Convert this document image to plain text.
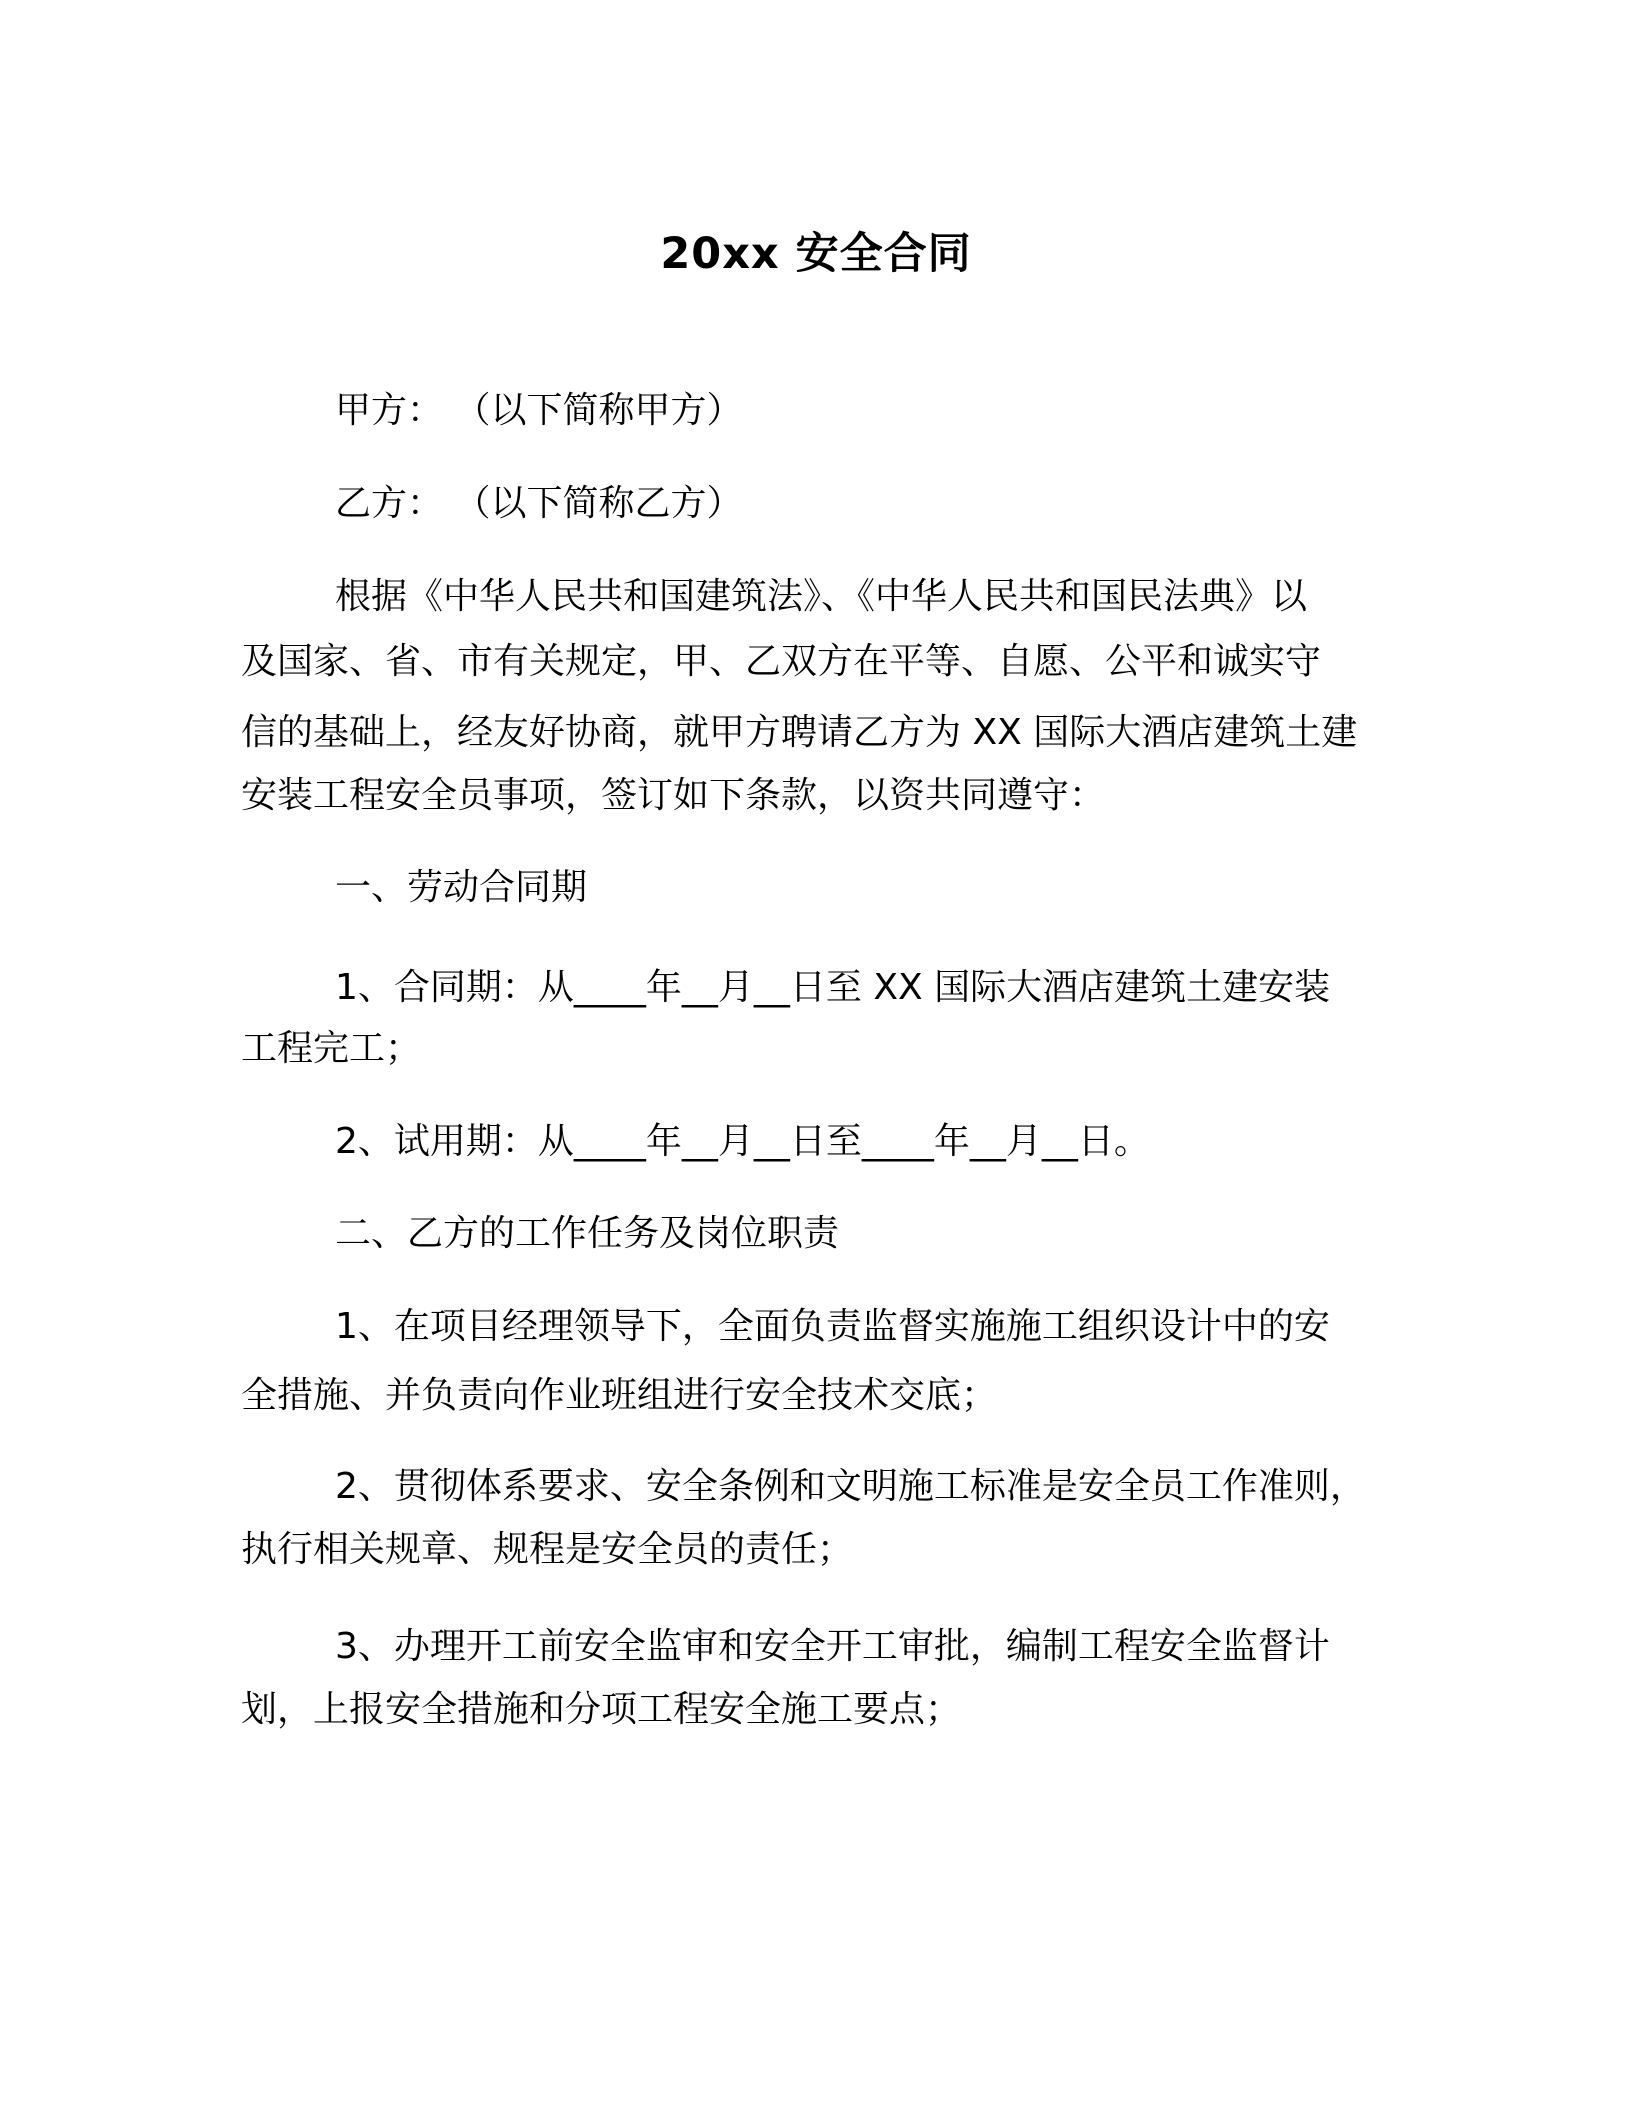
20xx 安全合同
甲方： （以下简称甲方）
乙方： （以下简称乙方）
根据《中华人民共和国建筑法》、《中华人民共和国民法典》以
及国家、省、市有关规定，甲、乙双方在平等、自愿、公平和诚实守
信的基础上，经友好协商，就甲方聘请乙方为 XX 国际大酒店建筑土建
安装工程安全员事项，签订如下条款，以资共同遵守：
一、劳动合同期
1、合同期：从____年__月__日至 XX 国际大酒店建筑土建安装
工程完工；
2、试用期：从____年__月__日至____年__月__日。
二、乙方的工作任务及岗位职责
1、在项目经理领导下，全面负责监督实施施工组织设计中的安
全措施、并负责向作业班组进行安全技术交底；
2、贯彻体系要求、安全条例和文明施工标准是安全员工作准则，
执行相关规章、规程是安全员的责任；
3、办理开工前安全监审和安全开工审批，编制工程安全监督计
划，上报安全措施和分项工程安全施工要点；
